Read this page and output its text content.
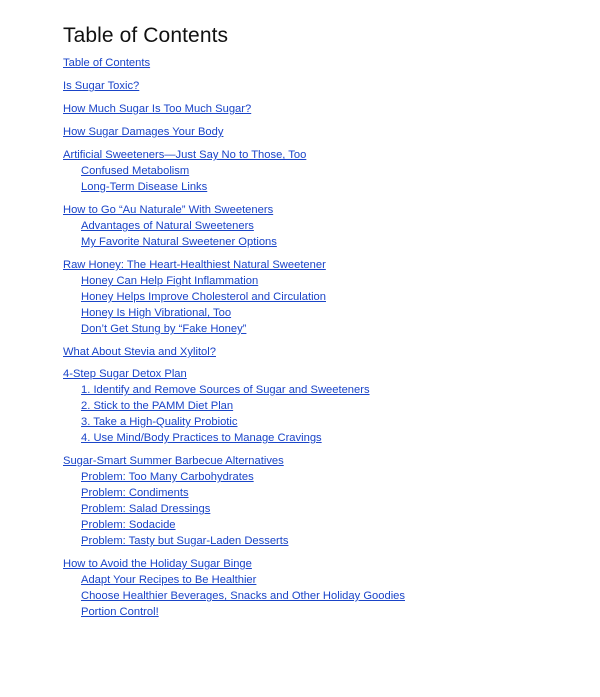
Table of Contents
Table of Contents
Is Sugar Toxic?
How Much Sugar Is Too Much Sugar?
How Sugar Damages Your Body
Artificial Sweeteners—Just Say No to Those, Too
Confused Metabolism
Long-Term Disease Links
How to Go “Au Naturale” With Sweeteners
Advantages of Natural Sweeteners
My Favorite Natural Sweetener Options
Raw Honey: The Heart-Healthiest Natural Sweetener
Honey Can Help Fight Inflammation
Honey Helps Improve Cholesterol and Circulation
Honey Is High Vibrational, Too
Don’t Get Stung by “Fake Honey”
What About Stevia and Xylitol?
4-Step Sugar Detox Plan
1. Identify and Remove Sources of Sugar and Sweeteners
2. Stick to the PAMM Diet Plan
3. Take a High-Quality Probiotic
4. Use Mind/Body Practices to Manage Cravings
Sugar-Smart Summer Barbecue Alternatives
Problem: Too Many Carbohydrates
Problem: Condiments
Problem: Salad Dressings
Problem: Sodacide
Problem: Tasty but Sugar-Laden Desserts
How to Avoid the Holiday Sugar Binge
Adapt Your Recipes to Be Healthier
Choose Healthier Beverages, Snacks and Other Holiday Goodies
Portion Control!
